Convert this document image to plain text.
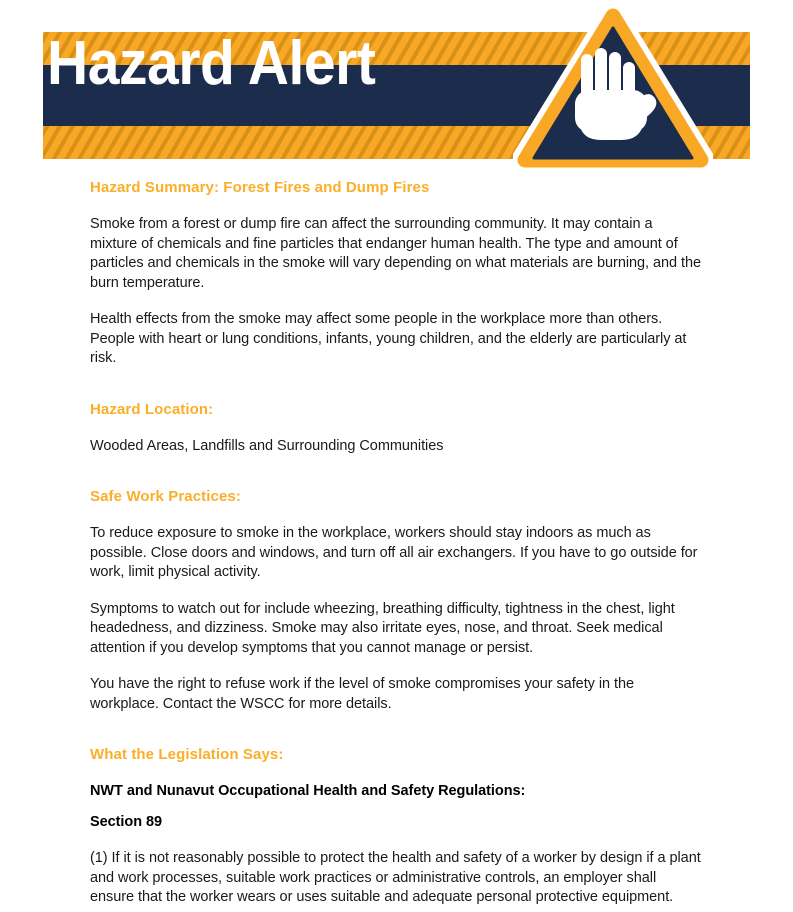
Hazard Alert
Hazard Summary: Forest Fires and Dump Fires

Smoke from a forest or dump fire can affect the surrounding community. It may contain a mixture of chemicals and fine particles that endanger human health. The type and amount of particles and chemicals in the smoke will vary depending on what materials are burning, and the burn temperature.

Health effects from the smoke may affect some people in the workplace more than others. People with heart or lung conditions, infants, young children, and the elderly are particularly at risk.

Hazard Location:

Wooded Areas, Landfills and Surrounding Communities

Safe Work Practices:

To reduce exposure to smoke in the workplace, workers should stay indoors as much as possible. Close doors and windows, and turn off all air exchangers. If you have to go outside for work, limit physical activity.

Symptoms to watch out for include wheezing, breathing difficulty, tightness in the chest, light headedness, and dizziness. Smoke may also irritate eyes, nose, and throat. Seek medical attention if you develop symptoms that you cannot manage or persist.

You have the right to refuse work if the level of smoke compromises your safety in the workplace. Contact the WSCC for more details.

What the Legislation Says:

NWT and Nunavut Occupational Health and Safety Regulations:

Section 89

(1) If it is not reasonably possible to protect the health and safety of a worker by design if a plant and work processes, suitable work practices or administrative controls, an employer shall ensure that the worker wears or uses suitable and adequate personal protective equipment.
